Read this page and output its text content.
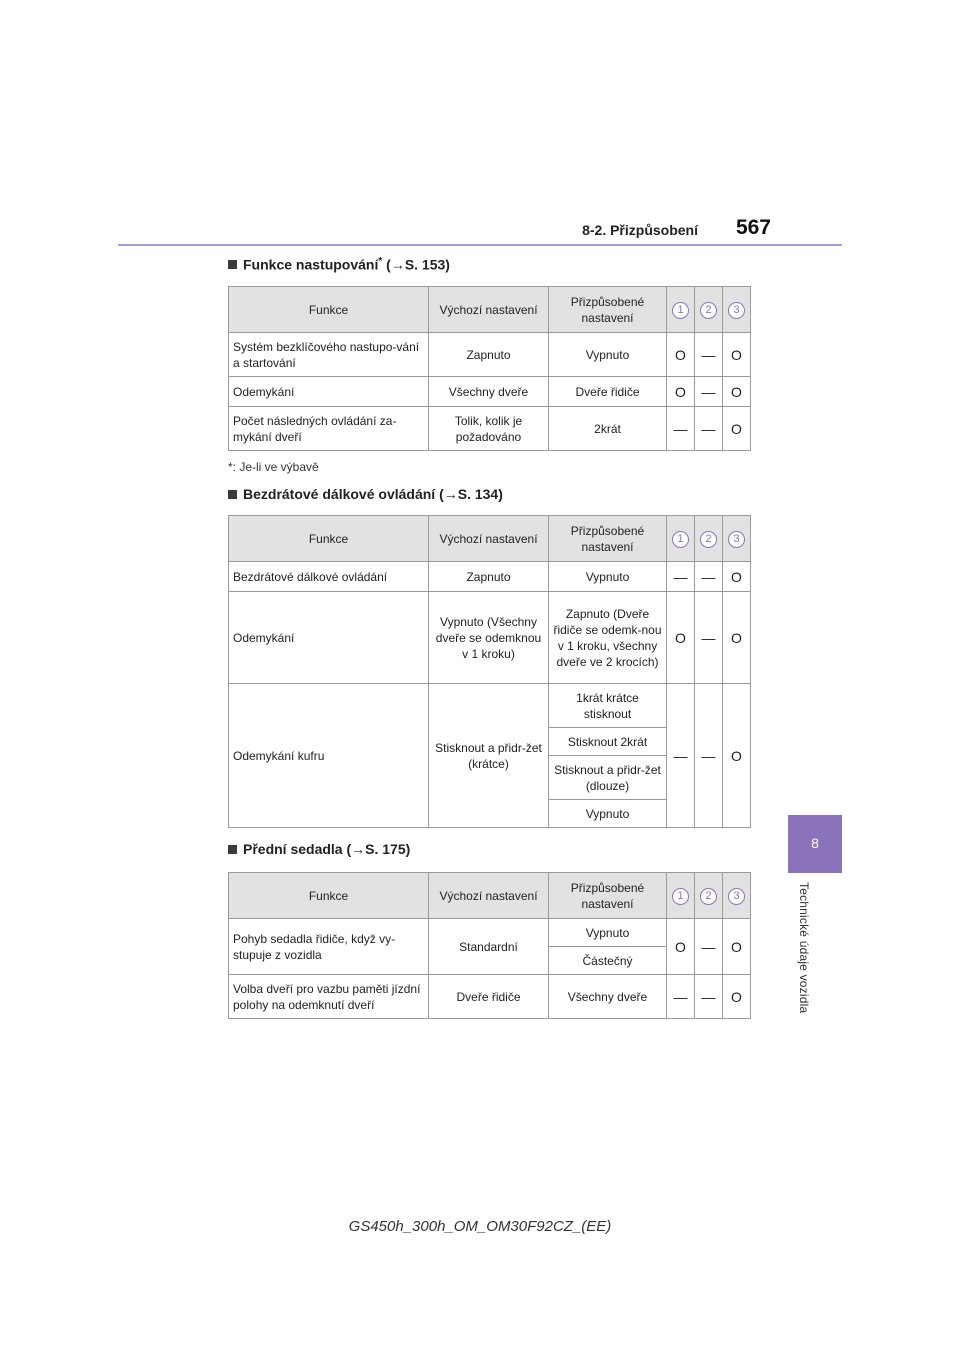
8-2. Přizpůsobení 567
8
Technické údaje vozidla
Funkce nastupování* (→S. 153)
Funkce	Výchozí nastavení	Přizpůsobené nastavení	1	2	3
Systém bezklíčového nastupo-vání a startování	Zapnuto	Vypnuto	O	—	O
Odemykání	Všechny dveře	Dveře řidiče	O	—	O
Počet následných ovládání za-mykání dveří	Tolik, kolik je požadováno	2krát	—	—	O
*: Je-li ve výbavě
Bezdrátové dálkové ovládání (→S. 134)
Funkce	Výchozí nastavení	Přizpůsobené nastavení	1	2	3
Bezdrátové dálkové ovládání	Zapnuto	Vypnuto	—	—	O
Odemykání	Vypnuto (Všechny dveře se odemknou v 1 kroku)	Zapnuto (Dveře řidiče se odemk-nou v 1 kroku, všechny dveře ve 2 krocích)	O	—	O
Odemykání kufru	Stisknout a přidr-žet (krátce)	1krát krátce stisknout	—	—	O
		Stisknout 2krát			
		Stisknout a přidr-žet (dlouze)			
		Vypnuto			
Přední sedadla (→S. 175)
Funkce	Výchozí nastavení	Přizpůsobené nastavení	1	2	3
Pohyb sedadla řidiče, když vy-stupuje z vozidla	Standardní	Vypnuto	O	—	O
		Částečný			
Volba dveří pro vazbu paměti jízdní polohy na odemknutí dveří	Dveře řidiče	Všechny dveře	—	—	O
GS450h_300h_OM_OM30F92CZ_(EE)
